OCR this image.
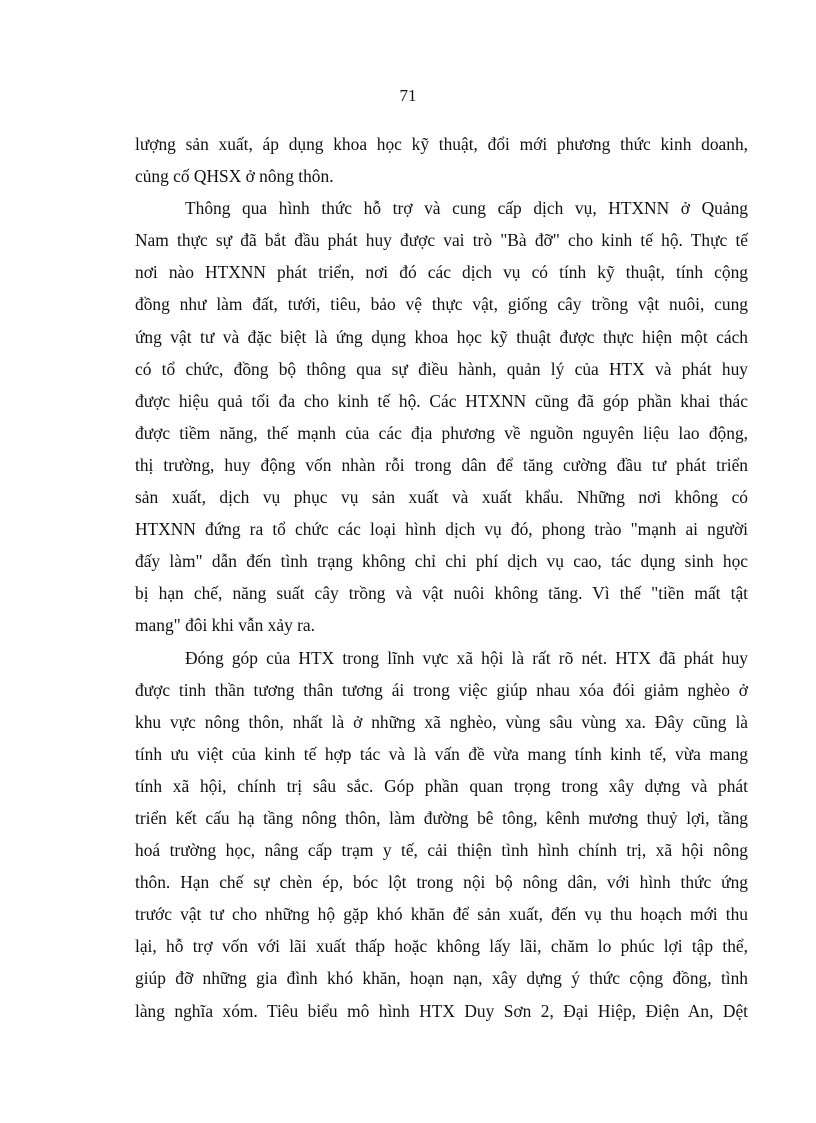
71
lượng sản xuất, áp dụng khoa học kỹ thuật, đổi mới phương thức kinh doanh,
củng cố QHSX ở nông thôn.
Thông qua hình thức hỗ trợ và cung cấp dịch vụ, HTXNN ở Quảng
Nam thực sự đã bắt đầu phát huy được vai trò "Bà đỡ" cho kinh tế hộ. Thực tế
nơi nào HTXNN phát triển, nơi đó các dịch vụ có tính kỹ thuật, tính cộng
đồng như làm đất, tưới, tiêu, bảo vệ thực vật, giống cây trồng vật nuôi, cung
ứng vật tư và đặc biệt là ứng dụng khoa học kỹ thuật được thực hiện một cách
có tổ chức, đồng bộ thông qua sự điều hành, quản lý của HTX và phát huy
được hiệu quả tối đa cho kinh tế hộ. Các HTXNN cũng đã góp phần khai thác
được tiềm năng, thế mạnh của các địa phương về nguồn nguyên liệu lao động,
thị trường, huy động vốn nhàn rỗi trong dân để tăng cường đầu tư phát triển
sản xuất, dịch vụ phục vụ sản xuất và xuất khẩu. Những nơi không có
HTXNN đứng ra tổ chức các loại hình dịch vụ đó, phong trào "mạnh ai người
đấy làm" dẫn đến tình trạng không chỉ chi phí dịch vụ cao, tác dụng sinh học
bị hạn chế, năng suất cây trồng và vật nuôi không tăng. Vì thế "tiền mất tật
mang" đôi khi vẫn xảy ra.
Đóng góp của HTX trong lĩnh vực xã hội là rất rõ nét. HTX đã phát huy
được tinh thần tương thân tương ái trong việc giúp nhau xóa đói giảm nghèo ở
khu vực nông thôn, nhất là ở những xã nghèo, vùng sâu vùng xa. Đây cũng là
tính ưu việt của kinh tế hợp tác và là vấn đề vừa mang tính kinh tế, vừa mang
tính xã hội, chính trị sâu sắc. Góp phần quan trọng trong xây dựng và phát
triển kết cấu hạ tầng nông thôn, làm đường bê tông, kênh mương thuỷ lợi, tầng
hoá trường học, nâng cấp trạm y tế, cải thiện tình hình chính trị, xã hội nông
thôn. Hạn chế sự chèn ép, bóc lột trong nội bộ nông dân, với hình thức ứng
trước vật tư cho những hộ gặp khó khăn để sản xuất, đến vụ thu hoạch mới thu
lại, hỗ trợ vốn với lãi xuất thấp hoặc không lấy lãi, chăm lo phúc lợi tập thể,
giúp đỡ những gia đình khó khăn, hoạn nạn, xây dựng ý thức cộng đồng, tình
làng nghĩa xóm. Tiêu biểu mô hình HTX Duy Sơn 2, Đại Hiệp, Điện An, Dệt
